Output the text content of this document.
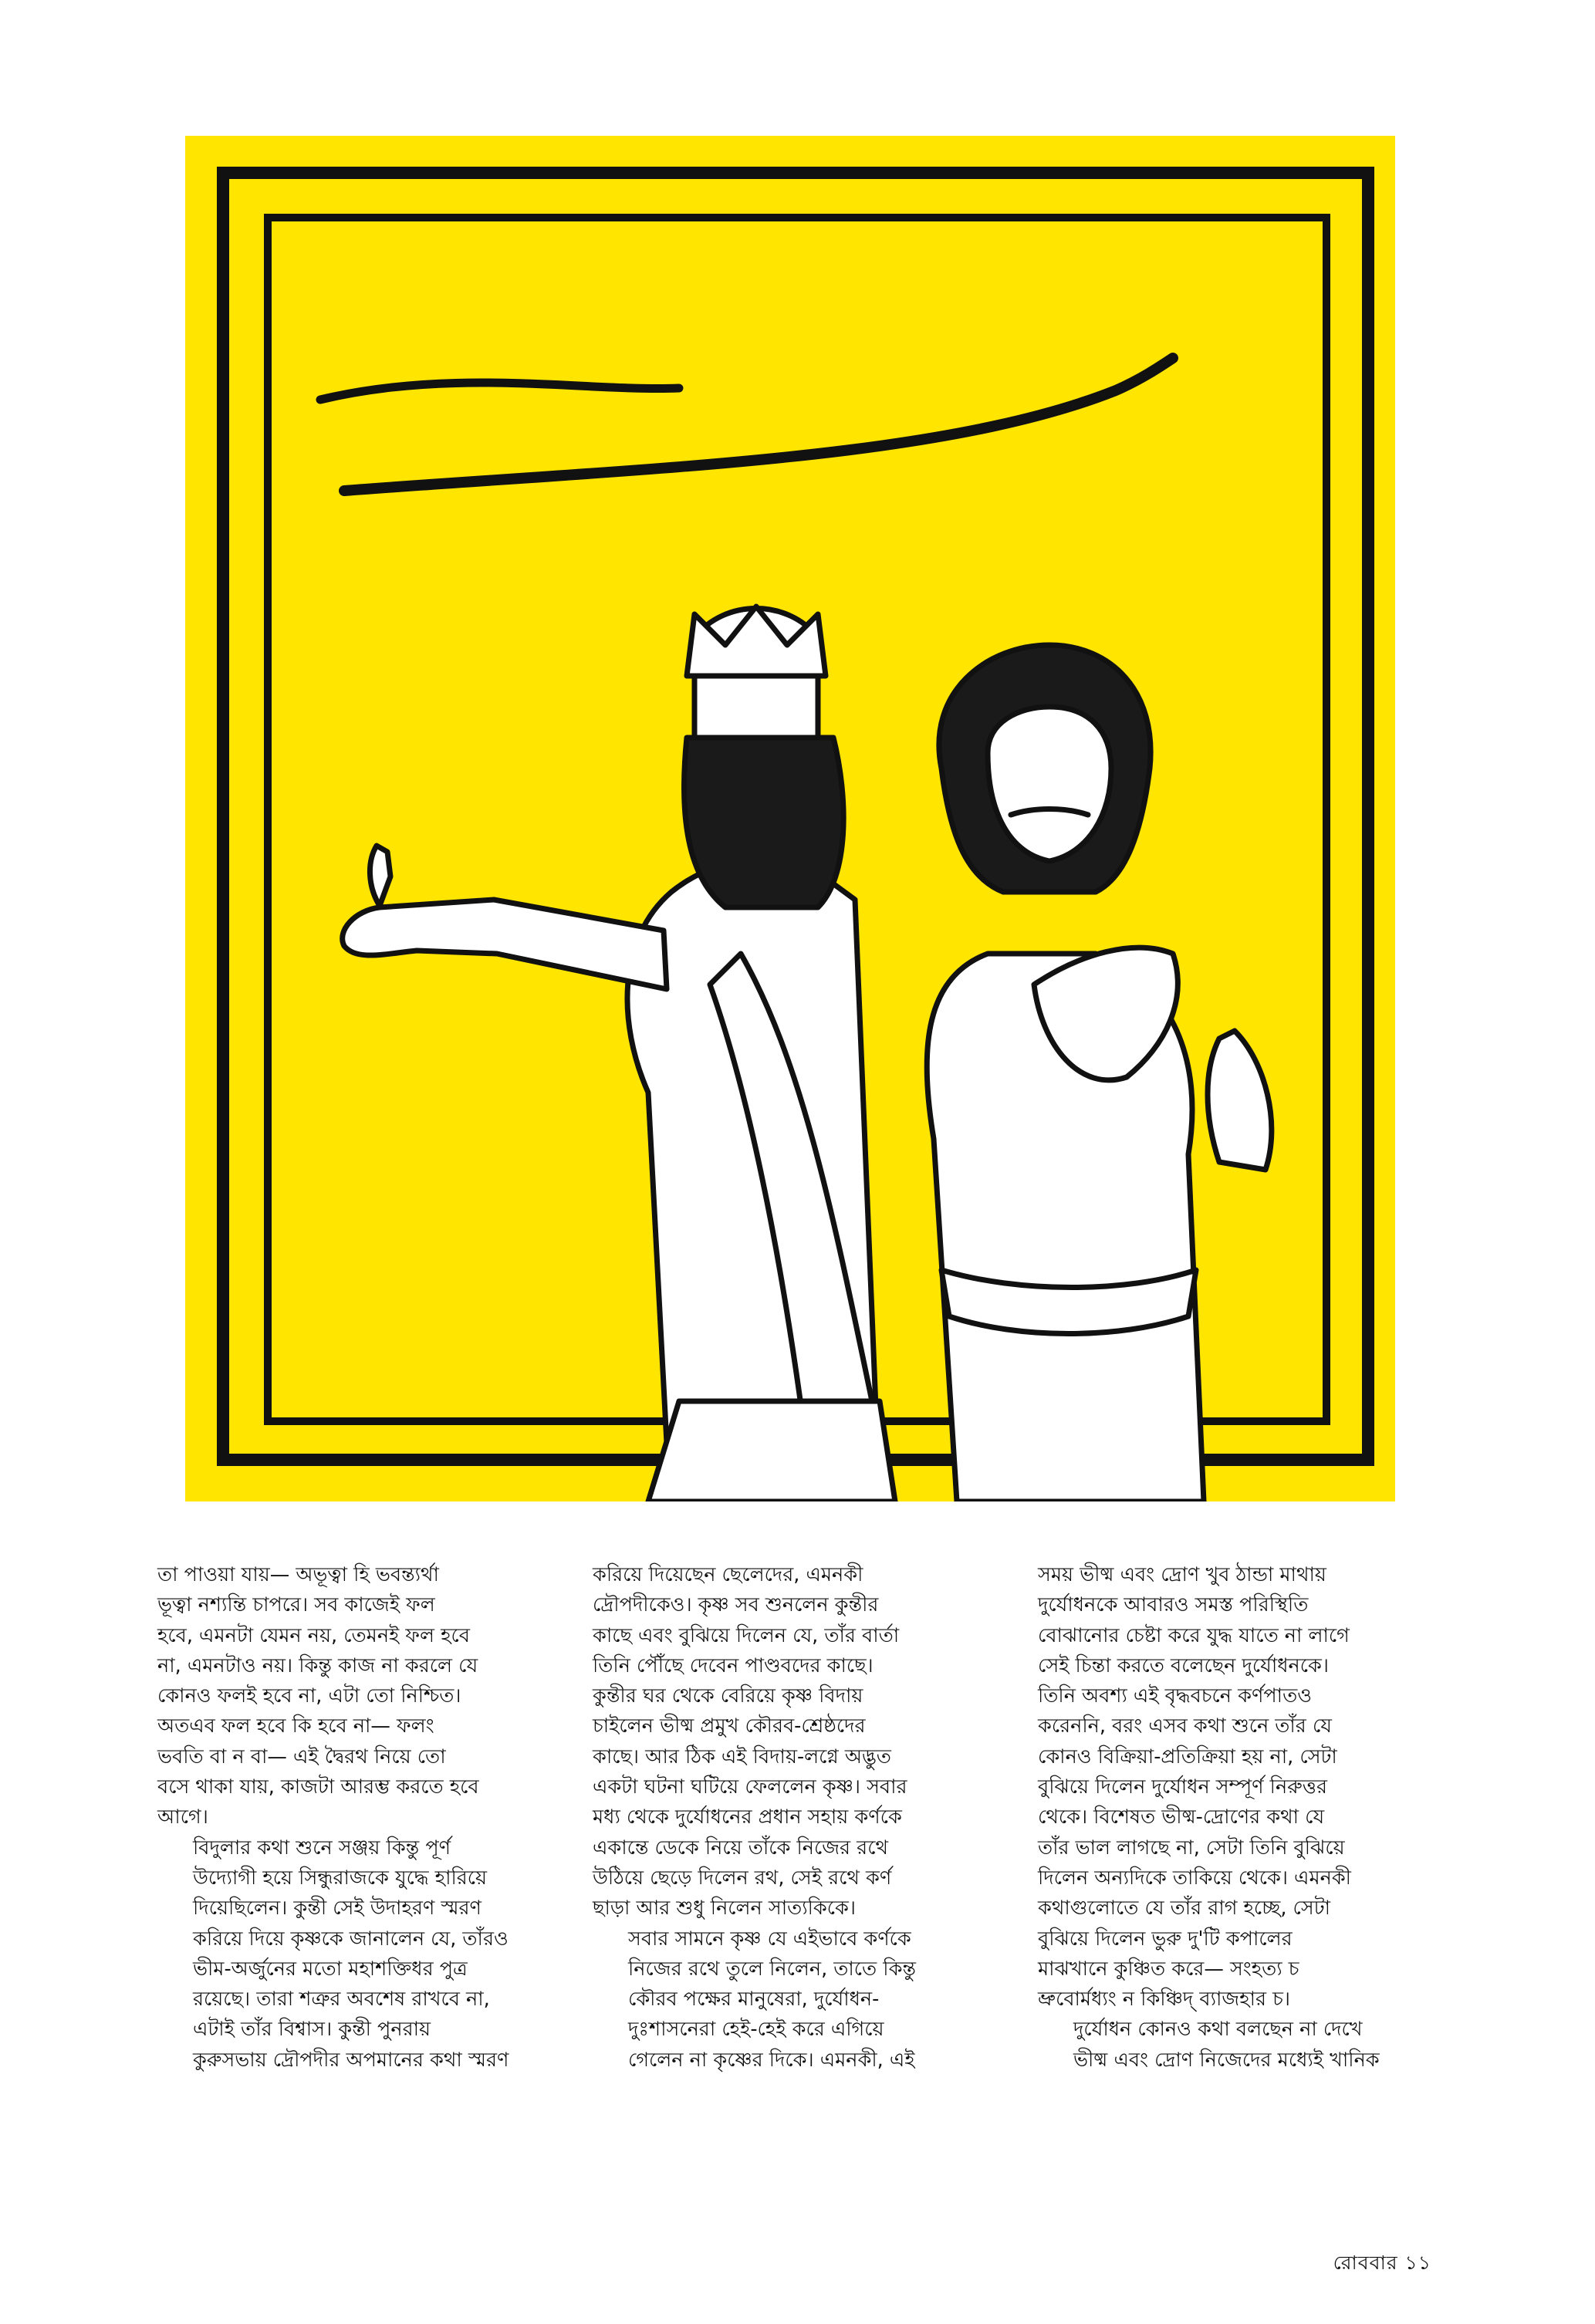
তা পাওয়া যায়— অভূত্বা হি ভবন্ত্যর্থা
ভূত্বা নশ্যন্তি চাপরে। সব কাজেই ফল
হবে, এমনটা যেমন নয়, তেমনই ফল হবে
না, এমনটাও নয়। কিন্তু কাজ না করলে যে
কোনও ফলই হবে না, এটা তো নিশ্চিত।
অতএব ফল হবে কি হবে না— ফলং
ভবতি বা ন বা— এই দ্বৈরথ নিয়ে তো
বসে থাকা যায়, কাজটা আরম্ভ করতে হবে
আগে।

বিদুলার কথা শুনে সঞ্জয় কিন্তু পূর্ণ
উদ্যোগী হয়ে সিন্ধুরাজকে যুদ্ধে হারিয়ে
দিয়েছিলেন। কুন্তী সেই উদাহরণ স্মরণ
করিয়ে দিয়ে কৃষ্ণকে জানালেন যে, তাঁরও
ভীম-অর্জুনের মতো মহাশক্তিধর পুত্র
রয়েছে। তারা শত্রুর অবশেষ রাখবে না,
এটাই তাঁর বিশ্বাস। কুন্তী পুনরায়
কুরুসভায় দ্রৌপদীর অপমানের কথা স্মরণ

করিয়ে দিয়েছেন ছেলেদের, এমনকী
দ্রৌপদীকেও। কৃষ্ণ সব শুনলেন কুন্তীর
কাছে এবং বুঝিয়ে দিলেন যে, তাঁর বার্তা
তিনি পৌঁছে দেবেন পাণ্ডবদের কাছে।
কুন্তীর ঘর থেকে বেরিয়ে কৃষ্ণ বিদায়
চাইলেন ভীষ্ম প্রমুখ কৌরব-শ্রেষ্ঠদের
কাছে। আর ঠিক এই বিদায়-লগ্নে অদ্ভুত
একটা ঘটনা ঘটিয়ে ফেললেন কৃষ্ণ। সবার
মধ্য থেকে দুর্যোধনের প্রধান সহায় কর্ণকে
একান্তে ডেকে নিয়ে তাঁকে নিজের রথে
উঠিয়ে ছেড়ে দিলেন রথ, সেই রথে কর্ণ
ছাড়া আর শুধু নিলেন সাত্যকিকে।

সবার সামনে কৃষ্ণ যে এইভাবে কর্ণকে
নিজের রথে তুলে নিলেন, তাতে কিন্তু
কৌরব পক্ষের মানুষেরা, দুর্যোধন-
দুঃশাসনেরা হেই-হেই করে এগিয়ে
গেলেন না কৃষ্ণের দিকে। এমনকী, এই

সময় ভীষ্ম এবং দ্রোণ খুব ঠান্ডা মাথায়
দুর্যোধনকে আবারও সমস্ত পরিস্থিতি
বোঝানোর চেষ্টা করে যুদ্ধ যাতে না লাগে
সেই চিন্তা করতে বলেছেন দুর্যোধনকে।
তিনি অবশ্য এই বৃদ্ধবচনে কর্ণপাতও
করেননি, বরং এসব কথা শুনে তাঁর যে
কোনও বিক্রিয়া-প্রতিক্রিয়া হয় না, সেটা
বুঝিয়ে দিলেন দুর্যোধন সম্পূর্ণ নিরুত্তর
থেকে। বিশেষত ভীষ্ম-দ্রোণের কথা যে
তাঁর ভাল লাগছে না, সেটা তিনি বুঝিয়ে
দিলেন অন্যদিকে তাকিয়ে থেকে। এমনকী
কথাগুলোতে যে তাঁর রাগ হচ্ছে, সেটা
বুঝিয়ে দিলেন ভুরু দু'টি কপালের
মাঝখানে কুঞ্চিত করে— সংহত্য চ
ভ্রুবোর্মধ্যং ন কিঞ্চিদ্ ব্যাজহার চ।

দুর্যোধন কোনও কথা বলছেন না দেখে
ভীষ্ম এবং দ্রোণ নিজেদের মধ্যেই খানিক

রোববার ১১
